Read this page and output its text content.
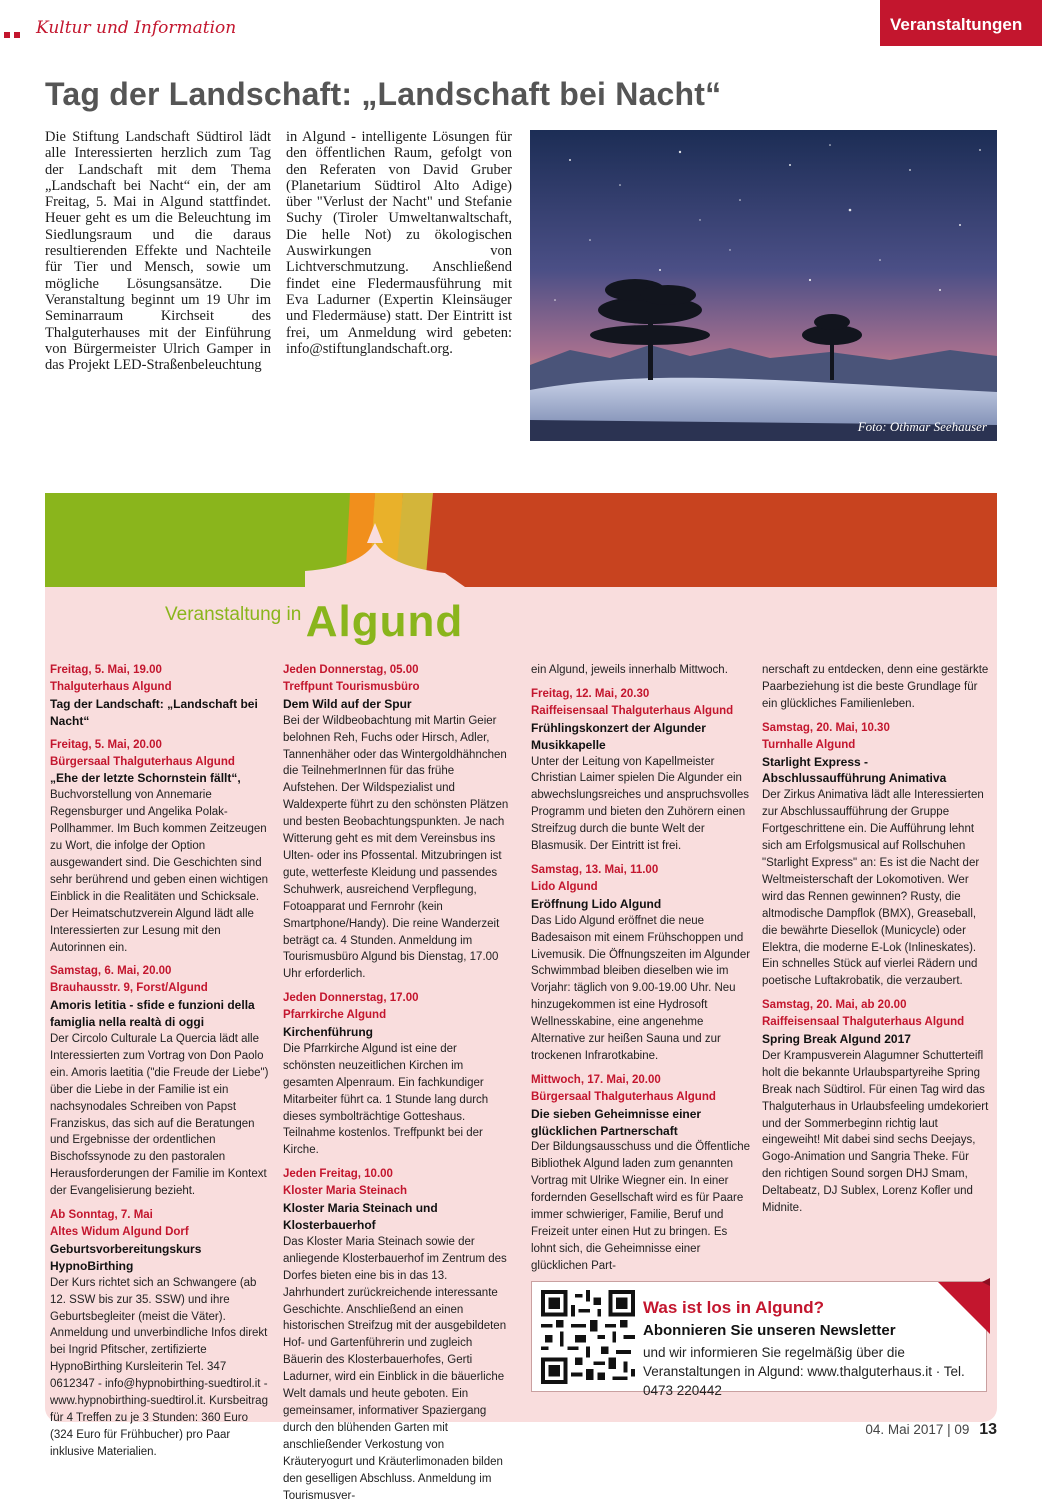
Kultur und Information	Veranstaltungen
Tag der Landschaft: „Landschaft bei Nacht“
Die Stiftung Landschaft Südtirol lädt alle Interessierten herzlich zum Tag der Landschaft mit dem Thema „Landschaft bei Nacht“ ein, der am Freitag, 5. Mai in Algund stattfindet. Heuer geht es um die Beleuchtung im Siedlungsraum und die daraus resultierenden Effekte und Nachteile für Tier und Mensch, sowie um mögliche Lösungsansätze. Die Veranstaltung beginnt um 19 Uhr im Seminarraum Kirchseit des Thalguterhauses mit der Einführung von Bürgermeister Ulrich Gamper in das Projekt LED-Straßenbeleuchtung
in Algund - intelligente Lösungen für den öffentlichen Raum, gefolgt von den Referaten von David Gruber (Planetarium Südtirol Alto Adige) über "Verlust der Nacht" und Stefanie Suchy (Tiroler Umweltanwaltschaft, Die helle Not) zu ökologischen Auswirkungen von Lichtverschmutzung. Anschließend findet eine Fledermausführung mit Eva Ladurner (Expertin Kleinsäuger und Fledermäuse) statt. Der Eintritt ist frei, um Anmeldung wird gebeten: info@stiftunglandschaft.org.
Foto: Othmar Seehauser
Veranstaltung in Algund
Freitag, 5. Mai, 19.00
Thalguterhaus Algund
Tag der Landschaft: „Landschaft bei Nacht“
Freitag, 5. Mai, 20.00
Bürgersaal Thalguterhaus Algund
„Ehe der letzte Schornstein fällt“,
Buchvorstellung von Annemarie Regensburger und Angelika Polak-Pollhammer. Im Buch kommen Zeitzeugen zu Wort, die infolge der Option ausgewandert sind. Die Geschichten sind sehr berührend und geben einen wichtigen Einblick in die Realitäten und Schicksale. Der Heimatschutzverein Algund lädt alle Interessierten zur Lesung mit den Autorinnen ein.
Samstag, 6. Mai, 20.00
Brauhausstr. 9, Forst/Algund
Amoris letitia - sfide e funzioni della famiglia nella realtà di oggi
Der Circolo Culturale La Quercia lädt alle Interessierten zum Vortrag von Don Paolo ein. Amoris laetitia ("die Freude der Liebe") über die Liebe in der Familie ist ein nachsynodales Schreiben von Papst Franziskus, das sich auf die Beratungen und Ergebnisse der ordentlichen Bischofssynode zu den pastoralen Herausforderungen der Familie im Kontext der Evangelisierung bezieht.
Ab Sonntag, 7. Mai
Altes Widum Algund Dorf
Geburtsvorbereitungskurs HypnoBirthing
Der Kurs richtet sich an Schwangere (ab 12. SSW bis zur 35. SSW) und ihre Geburtsbegleiter (meist die Väter). Anmeldung und unverbindliche Infos direkt bei Ingrid Pfitscher, zertifizierte HypnoBirthing Kursleiterin Tel. 347 0612347 - info@hypnobirthing-suedtirol.it - www.hypnobirthing-suedtirol.it. Kursbeitrag für 4 Treffen zu je 3 Stunden: 360 Euro (324 Euro für Frühbucher) pro Paar inklusive Materialien.
Jeden Donnerstag, 05.00
Treffpunt Tourismusbüro
Dem Wild auf der Spur
Bei der Wildbeobachtung mit Martin Geier belohnen Reh, Fuchs oder Hirsch, Adler, Tannenhäher oder das Wintergoldhähnchen die TeilnehmerInnen für das frühe Aufstehen. Der Wildspezialist und Waldexperte führt zu den schönsten Plätzen und besten Beobachtungspunkten. Je nach Witterung geht es mit dem Vereinsbus ins Ulten- oder ins Pfossental. Mitzubringen ist gute, wetterfeste Kleidung und passendes Schuhwerk, ausreichend Verpflegung, Fotoapparat und Fernrohr (kein Smartphone/Handy). Die reine Wanderzeit beträgt ca. 4 Stunden. Anmeldung im Tourismusbüro Algund bis Dienstag, 17.00 Uhr erforderlich.
Jeden Donnerstag, 17.00
Pfarrkirche Algund
Kirchenführung
Die Pfarrkirche Algund ist eine der schönsten neuzeitlichen Kirchen im gesamten Alpenraum. Ein fachkundiger Mitarbeiter führt ca. 1 Stunde lang durch dieses symbolträchtige Gotteshaus. Teilnahme kostenlos. Treffpunkt bei der Kirche.
Jeden Freitag, 10.00
Kloster Maria Steinach
Kloster Maria Steinach und Klosterbauerhof
Das Kloster Maria Steinach sowie der anliegende Klosterbauerhof im Zentrum des Dorfes bieten eine bis in das 13. Jahrhundert zurückreichende interessante Geschichte. Anschließend an einen historischen Streifzug mit der ausgebildeten Hof- und Gartenführerin und zugleich Bäuerin des Klosterbauerhofes, Gerti Ladurner, wird ein Einblick in die bäuerliche Welt damals und heute geboten. Ein gemeinsamer, informativer Spaziergang durch den blühenden Garten mit anschließender Verkostung von Kräuteryogurt und Kräuterlimonaden bilden den geselligen Abschluss. Anmeldung im Tourismusver-
ein Algund, jeweils innerhalb Mittwoch.
Freitag, 12. Mai, 20.30
Raiffeisensaal Thalguterhaus Algund
Frühlingskonzert der Algunder Musikkapelle
Unter der Leitung von Kapellmeister Christian Laimer spielen Die Algunder ein abwechslungsreiches und anspruchsvolles Programm und bieten den Zuhörern einen Streifzug durch die bunte Welt der Blasmusik. Der Eintritt ist frei.
Samstag, 13. Mai, 11.00
Lido Algund
Eröffnung Lido Algund
Das Lido Algund eröffnet die neue Badesaison mit einem Frühschoppen und Livemusik. Die Öffnungszeiten im Algunder Schwimmbad bleiben dieselben wie im Vorjahr: täglich von 9.00-19.00 Uhr. Neu hinzugekommen ist eine Hydrosoft Wellnesskabine, eine angenehme Alternative zur heißen Sauna und zur trockenen Infrarotkabine.
Mittwoch, 17. Mai, 20.00
Bürgersaal Thalguterhaus Algund
Die sieben Geheimnisse einer glücklichen Partnerschaft
Der Bildungsausschuss und die Öffentliche Bibliothek Algund laden zum genannten Vortrag mit Ulrike Wiegner ein. In einer fordernden Gesellschaft wird es für Paare immer schwieriger, Familie, Beruf und Freizeit unter einen Hut zu bringen. Es lohnt sich, die Geheimnisse einer glücklichen Part-
nerschaft zu entdecken, denn eine gestärkte Paarbeziehung ist die beste Grundlage für ein glückliches Familienleben.
Samstag, 20. Mai, 10.30
Turnhalle Algund
Starlight Express - Abschlussaufführung Animativa
Der Zirkus Animativa lädt alle Interessierten zur Abschlussaufführung der Gruppe Fortgeschrittene ein. Die Aufführung lehnt sich am Erfolgsmusical auf Rollschuhen "Starlight Express" an: Es ist die Nacht der Weltmeisterschaft der Lokomotiven. Wer wird das Rennen gewinnen? Rusty, die altmodische Dampflok (BMX), Greaseball, die bewährte Diesellok (Municycle) oder Elektra, die moderne E-Lok (Inlineskates). Ein schnelles Stück auf vierlei Rädern und poetische Luftakrobatik, die verzaubert.
Samstag, 20. Mai, ab 20.00
Raiffeisensaal Thalguterhaus Algund
Spring Break Algund 2017
Der Krampusverein Alagumner Schutterteifl holt die bekannte Urlaubspartyreihe Spring Break nach Südtirol. Für einen Tag wird das Thalguterhaus in Urlaubsfeeling umdekoriert und der Sommerbeginn richtig laut eingeweiht! Mit dabei sind sechs Deejays, Gogo-Animation und Sangria Theke. Für den richtigen Sound sorgen DHJ Smam, Deltabeatz, DJ Sublex, Lorenz Kofler und Midnite.
Was ist los in Algund?
Abonnieren Sie unseren Newsletter
und wir informieren Sie regelmäßig über die Veranstaltungen in Algund: www.thalguterhaus.it · Tel. 0473 220442
04. Mai 2017 | 09 13
